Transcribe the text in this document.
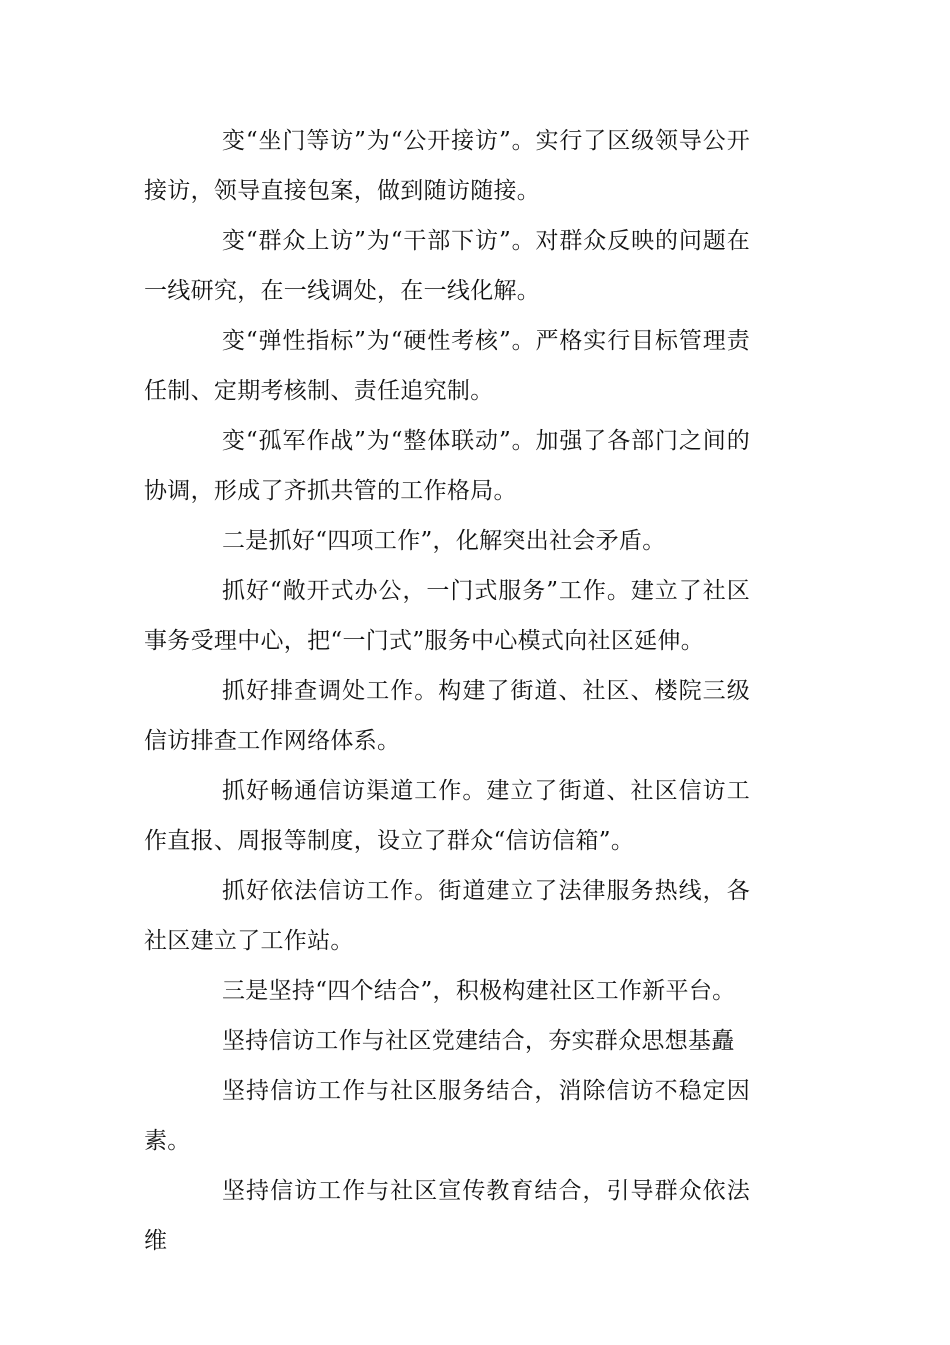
变“坐门等访”为“公开接访”。实行了区级领导公开接访，领导直接包案，做到随访随接。

变“群众上访”为“干部下访”。对群众反映的问题在一线研究，在一线调处，在一线化解。

变“弹性指标”为“硬性考核”。严格实行目标管理责任制、定期考核制、责任追究制。

变“孤军作战”为“整体联动”。加强了各部门之间的协调，形成了齐抓共管的工作格局。

二是抓好“四项工作”，化解突出社会矛盾。

抓好“敞开式办公，一门式服务”工作。建立了社区事务受理中心，把“一门式”服务中心模式向社区延伸。

抓好排查调处工作。构建了街道、社区、楼院三级信访排查工作网络体系。

抓好畅通信访渠道工作。建立了街道、社区信访工作直报、周报等制度，设立了群众“信访信箱”。

抓好依法信访工作。街道建立了法律服务热线，各社区建立了工作站。

三是坚持“四个结合”，积极构建社区工作新平台。

坚持信访工作与社区党建结合，夯实群众思想基矗

坚持信访工作与社区服务结合，消除信访不稳定因素。

坚持信访工作与社区宣传教育结合，引导群众依法维
